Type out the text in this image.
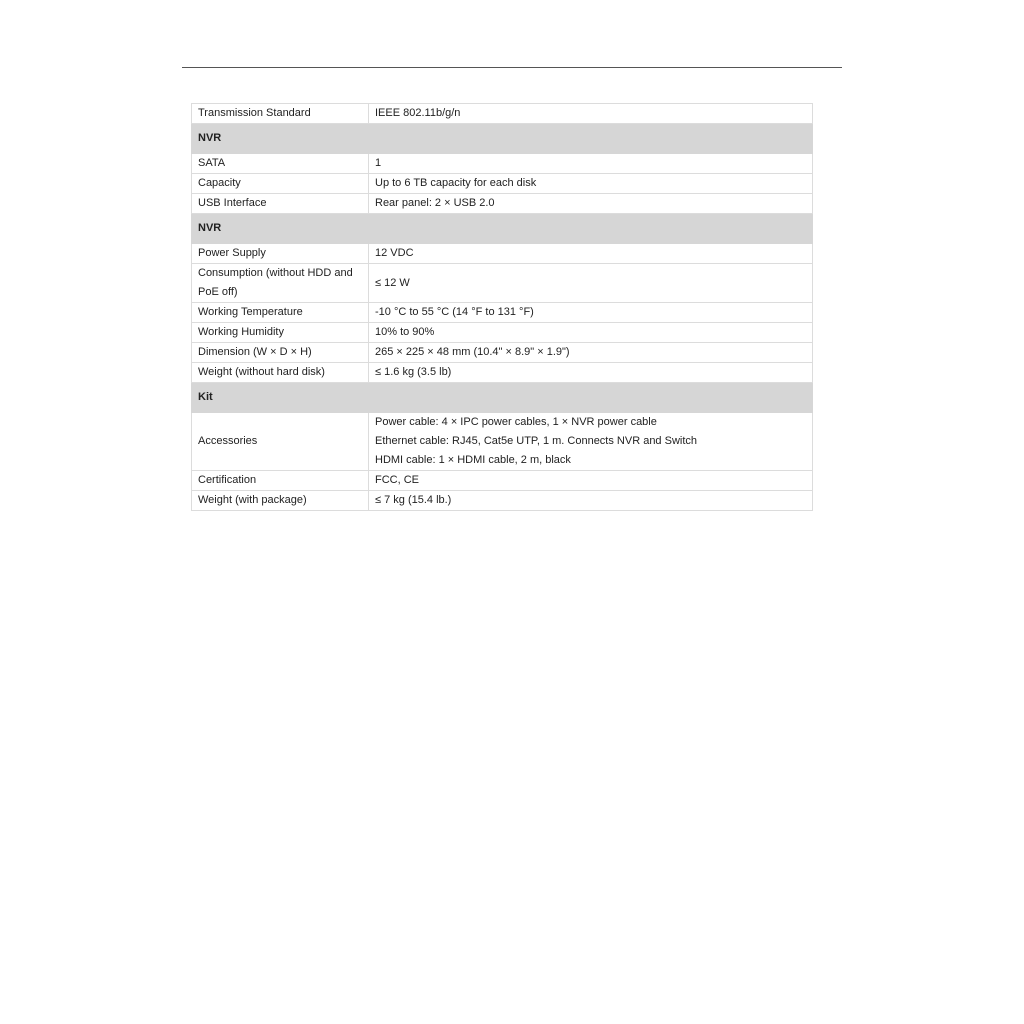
Transmission Standard	IEEE 802.11b/g/n

NVR	
SATA	1

Capacity	Up to 6 TB capacity for each disk

USB Interface	Rear panel: 2 × USB 2.0

NVR	
Power Supply	12 VDC

Consumption (without HDD and PoE off)	≤ 12 W

Working Temperature	-10 °C to 55 °C (14 °F to 131 °F)

Working Humidity	10% to 90%

Dimension (W × D × H)	265 × 225 × 48 mm (10.4" × 8.9" × 1.9")

Weight (without hard disk)	≤ 1.6 kg (3.5 lb)

Kit	
Accessories	Power cable: 4 × IPC power cables, 1 × NVR power cable
Ethernet cable: RJ45, Cat5e UTP, 1 m. Connects NVR and Switch
HDMI cable: 1 × HDMI cable, 2 m, black

Certification	FCC, CE

Weight (with package)	≤ 7 kg (15.4 lb.)
